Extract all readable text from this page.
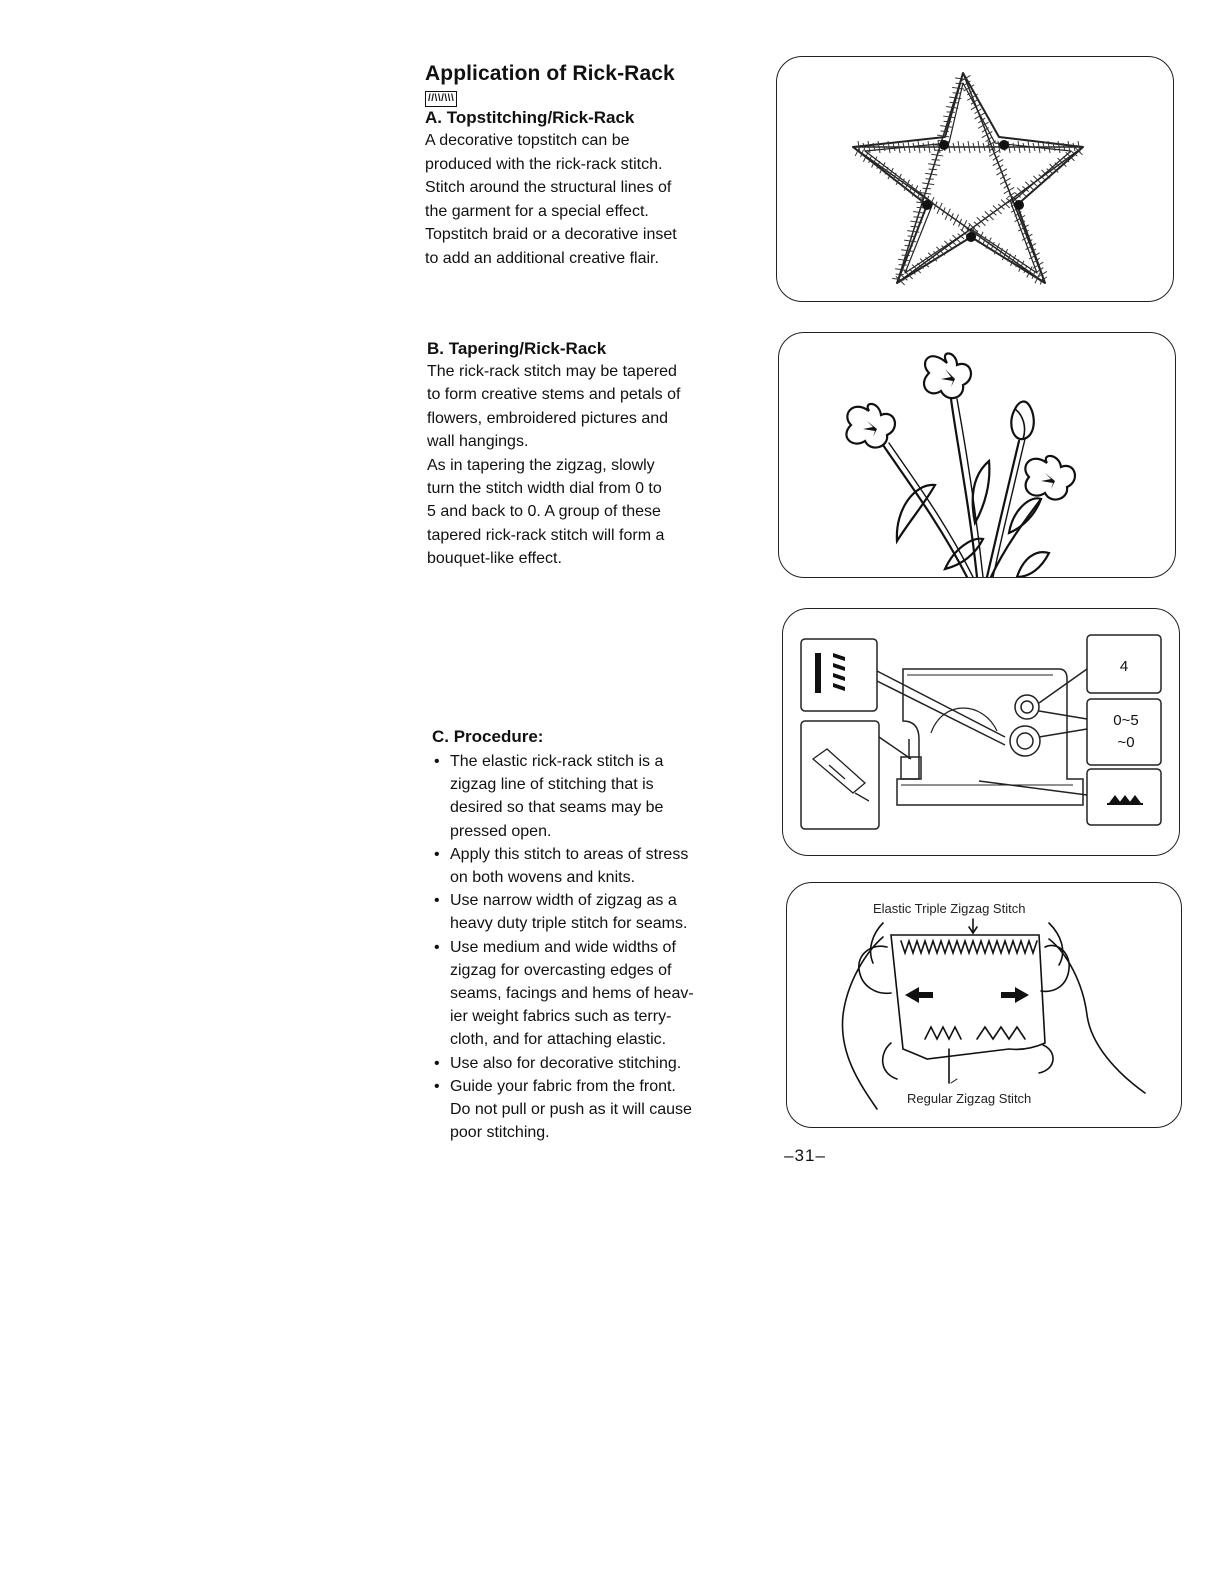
Application of Rick-Rack
//\\/\\\
A. Topstitching/Rick-Rack

A decorative topstitch can be

produced with the rick-rack stitch.

Stitch around the structural lines of

the garment for a special effect.

Topstitch braid or a decorative inset

to add an additional creative flair.

B. Tapering/Rick-Rack

The rick-rack stitch may be tapered

to form creative stems and petals of

flowers, embroidered pictures and

wall hangings.

As in tapering the zigzag, slowly

turn the stitch width dial from 0 to

5 and back to 0. A group of these

tapered rick-rack stitch will form a

bouquet-like effect.

C. Procedure:
• The elastic rick-rack stitch is a
zigzag line of stitching that is
desired so that seams may be
pressed open.
• Apply this stitch to areas of stress
on both wovens and knits.
• Use narrow width of zigzag as a
heavy duty triple stitch for seams.
• Use medium and wide widths of
zigzag for overcasting edges of
seams, facings and hems of heav-
ier weight fabrics such as terry-
cloth, and for attaching elastic.
• Use also for decorative stitching.
• Guide your fabric from the front.
Do not pull or push as it will cause
poor stitching.
4
0~5
~0
Elastic Triple Zigzag Stitch
Regular Zigzag Stitch
–31–
